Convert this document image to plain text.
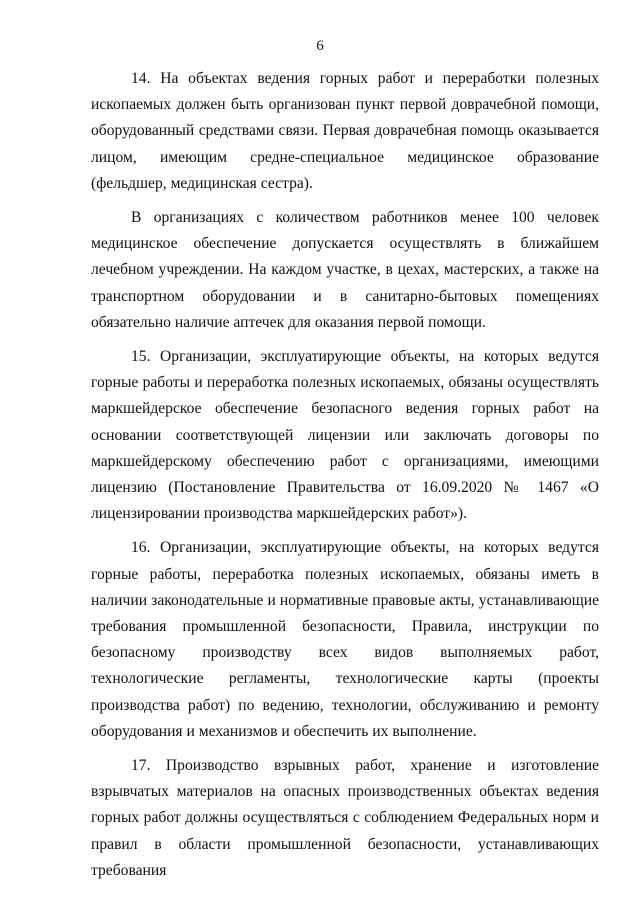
6

14. На объектах ведения горных работ и переработки полезных ископаемых должен быть организован пункт первой доврачебной помощи, оборудованный средствами связи. Первая доврачебная помощь оказывается лицом, имеющим средне-специальное медицинское образование (фельдшер, медицинская сестра).

В организациях с количеством работников менее 100 человек медицинское обеспечение допускается осуществлять в ближайшем лечебном учреждении. На каждом участке, в цехах, мастерских, а также на транспортном оборудовании и в санитарно-бытовых помещениях обязательно наличие аптечек для оказания первой помощи.

15. Организации, эксплуатирующие объекты, на которых ведутся горные работы и переработка полезных ископаемых, обязаны осуществлять маркшейдерское обеспечение безопасного ведения горных работ на основании соответствующей лицензии или заключать договоры по маркшейдерскому обеспечению работ с организациями, имеющими лицензию (Постановление Правительства от 16.09.2020 № 1467 «О лицензировании производства маркшейдерских работ»).

16. Организации, эксплуатирующие объекты, на которых ведутся горные работы, переработка полезных ископаемых, обязаны иметь в наличии законодательные и нормативные правовые акты, устанавливающие требования промышленной безопасности, Правила, инструкции по безопасному производству всех видов выполняемых работ, технологические регламенты, технологические карты (проекты производства работ) по ведению, технологии, обслуживанию и ремонту оборудования и механизмов и обеспечить их выполнение.

17. Производство взрывных работ, хранение и изготовление взрывчатых материалов на опасных производственных объектах ведения горных работ должны осуществляться с соблюдением Федеральных норм и правил в области промышленной безопасности, устанавливающих требования
